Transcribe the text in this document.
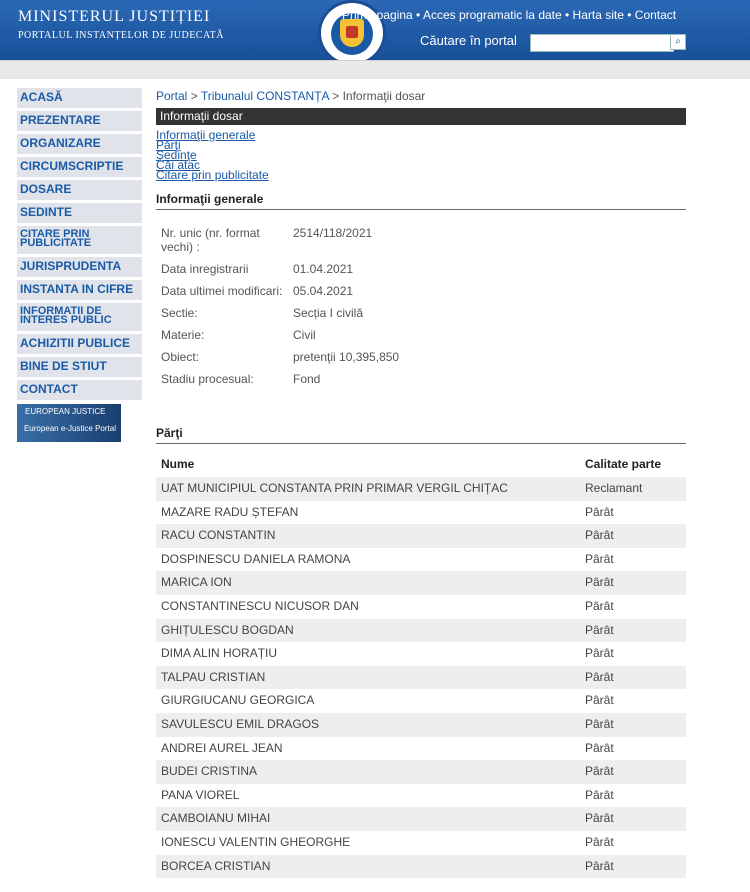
MINISTERUL JUSTIȚIEI
PORTALUL INSTANȚELOR DE JUDECATĂ
Prima pagina • Acces programatic la date • Harta site • Contact
Căutare în portal	⌕
ACASĂ
PREZENTARE
ORGANIZARE
CIRCUMSCRIPTIE
DOSARE
SEDINTE
CITARE PRIN PUBLICITATE
JURISPRUDENTA
INSTANTA IN CIFRE
INFORMATII DE INTERES PUBLIC
ACHIZITII PUBLICE
BINE DE STIUT
CONTACT
EUROPEAN JUSTICE
European e-Justice Portal
Portal > Tribunalul CONSTANȚA > Informaţii dosar
Informaţii dosar
Informaţii generale
Părţi
Şedinţe
Căi atac
Citare prin publicitate
Informaţii generale
Nr. unic (nr. format vechi) :
2514/118/2021
Data inregistrarii	01.04.2021
Data ultimei modificari: 05.04.2021
Sectie:	Secția I civilă
Materie:	Civil
Obiect:	pretenţii 10,395,850
Stadiu procesual:	Fond
Părţi
Nume	Calitate parte
UAT MUNICIPIUL CONSTANTA PRIN PRIMAR VERGIL CHIȚAC	Reclamant
MAZARE RADU ȘTEFAN	Pârât
RACU CONSTANTIN	Pârât
DOSPINESCU DANIELA RAMONA	Pârât
MARICA ION	Pârât
CONSTANTINESCU NICUSOR DAN	Pârât
GHIȚULESCU BOGDAN	Pârât
DIMA ALIN HORAȚIU	Pârât
TALPAU CRISTIAN	Pârât
GIURGIUCANU GEORGICA	Pârât
SAVULESCU EMIL DRAGOS	Pârât
ANDREI AUREL JEAN	Pârât
BUDEI CRISTINA	Pârât
PANA VIOREL	Pârât
CAMBOIANU MIHAI	Pârât
IONESCU VALENTIN GHEORGHE	Pârât
BORCEA CRISTIAN	Pârât
